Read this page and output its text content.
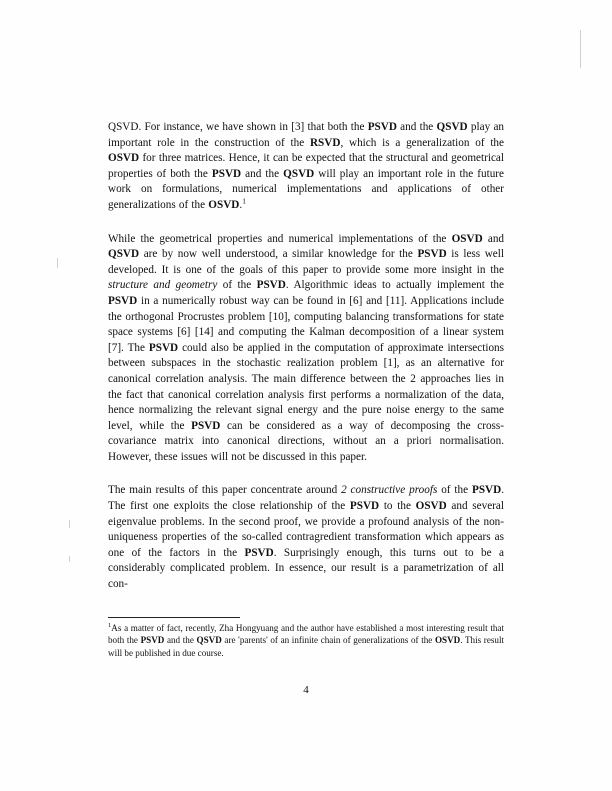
QSVD. For instance, we have shown in [3] that both the PSVD and the QSVD play an important role in the construction of the RSVD, which is a generalization of the OSVD for three matrices. Hence, it can be expected that the structural and geometrical properties of both the PSVD and the QSVD will play an important role in the future work on formulations, numerical implementations and applications of other generalizations of the OSVD.$^1$

While the geometrical properties and numerical implementations of the OSVD and QSVD are by now well understood, a similar knowledge for the PSVD is less well developed. It is one of the goals of this paper to provide some more insight in the structure and geometry of the PSVD. Algorithmic ideas to actually implement the PSVD in a numerically robust way can be found in [6] and [11]. Applications include the orthogonal Procrustes problem [10], computing balancing transformations for state space systems [6] [14] and computing the Kalman decomposition of a linear system [7]. The PSVD could also be applied in the computation of approximate intersections between subspaces in the stochastic realization problem [1], as an alternative for canonical correlation analysis. The main difference between the 2 approaches lies in the fact that canonical correlation analysis first performs a normalization of the data, hence normalizing the relevant signal energy and the pure noise energy to the same level, while the PSVD can be considered as a way of decomposing the cross-covariance matrix into canonical directions, without an a priori normalisation. However, these issues will not be discussed in this paper.

The main results of this paper concentrate around 2 constructive proofs of the PSVD. The first one exploits the close relationship of the PSVD to the OSVD and several eigenvalue problems. In the second proof, we provide a profound analysis of the non-uniqueness properties of the so-called contragredient transformation which appears as one of the factors in the PSVD. Surprisingly enough, this turns out to be a considerably complicated problem. In essence, our result is a parametrization of all con-

$^1$As a matter of fact, recently, Zha Hongyuang and the author have established a most interesting result that both the PSVD and the QSVD are 'parents' of an infinite chain of generalizations of the OSVD. This result will be published in due course.
4
